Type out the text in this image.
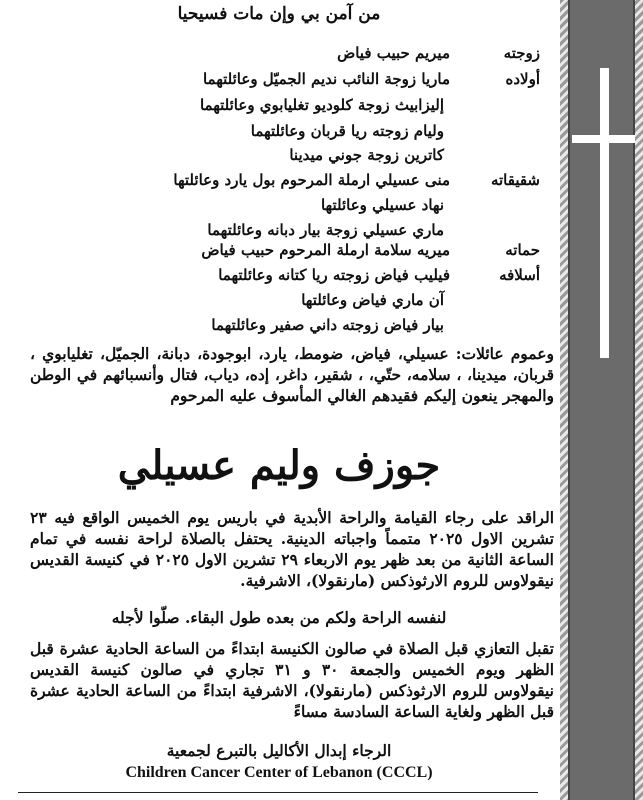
من آمن بي وإن مات فسيحيا
زوجته
ميريم حبيب فياض
أولاده
ماريا زوجة النائب نديم الجميّل وعائلتهما
إليزابيث زوجة كلوديو تغليابوي وعائلتهما
وليام زوجته ريا قربان وعائلتهما
كاترين زوجة جوني ميدينا
شقيقاته
منى عسيلي ارملة المرحوم بول يارد وعائلتها
نهاد عسيلي وعائلتها
ماري عسيلي زوجة بيار دبانه وعائلتهما
حماته
ميريه سلامة ارملة المرحوم حبيب فياض
أسلافه
فيليب فياض زوجته ريا كتانه وعائلتهما
آن ماري فياض وعائلتها
بيار فياض زوجته داني صفير وعائلتهما
وعموم عائلات: عسيلي، فياض، ضومط، يارد، ابوجودة، دبانة، الجميّل، تغليابوي ، قربان، ميدينا، ، سلامه، حتّي، ، شقير، داغر، إده، دياب، فتال وأنسبائهم في الوطن والمهجر ينعون إليكم فقيدهم الغالي المأسوف عليه المرحوم
جوزف وليم عسيلي
الراقد على رجاء القيامة والراحة الأبدية في باريس يوم الخميس الواقع فيه ٢٣ تشرين الاول ٢٠٢٥ متمماً واجباته الدينية. يحتفل بالصلاة لراحة نفسه في تمام الساعة الثانية من بعد ظهر يوم الاربعاء ٢٩ تشرين الاول ٢٠٢٥ في كنيسة القديس نيقولاوس للروم الارثوذكس (مارنقولا)، الاشرفية.
لنفسه الراحة ولكم من بعده طول البقاء. صلّوا لأجله
تقبل التعازي قبل الصلاة في صالون الكنيسة ابتداءً من الساعة الحادية عشرة قبل الظهر ويوم الخميس والجمعة ٣٠ و ٣١ تجاري في صالون كنيسة القديس نيقولاوس للروم الارثوذكس (مارنقولا)، الاشرفية ابتداءً من الساعة الحادية عشرة قبل الظهر ولغاية الساعة السادسة مساءً
الرجاء إبدال الأكاليل بالتبرع لجمعية
Children Cancer Center of Lebanon (CCCL)
